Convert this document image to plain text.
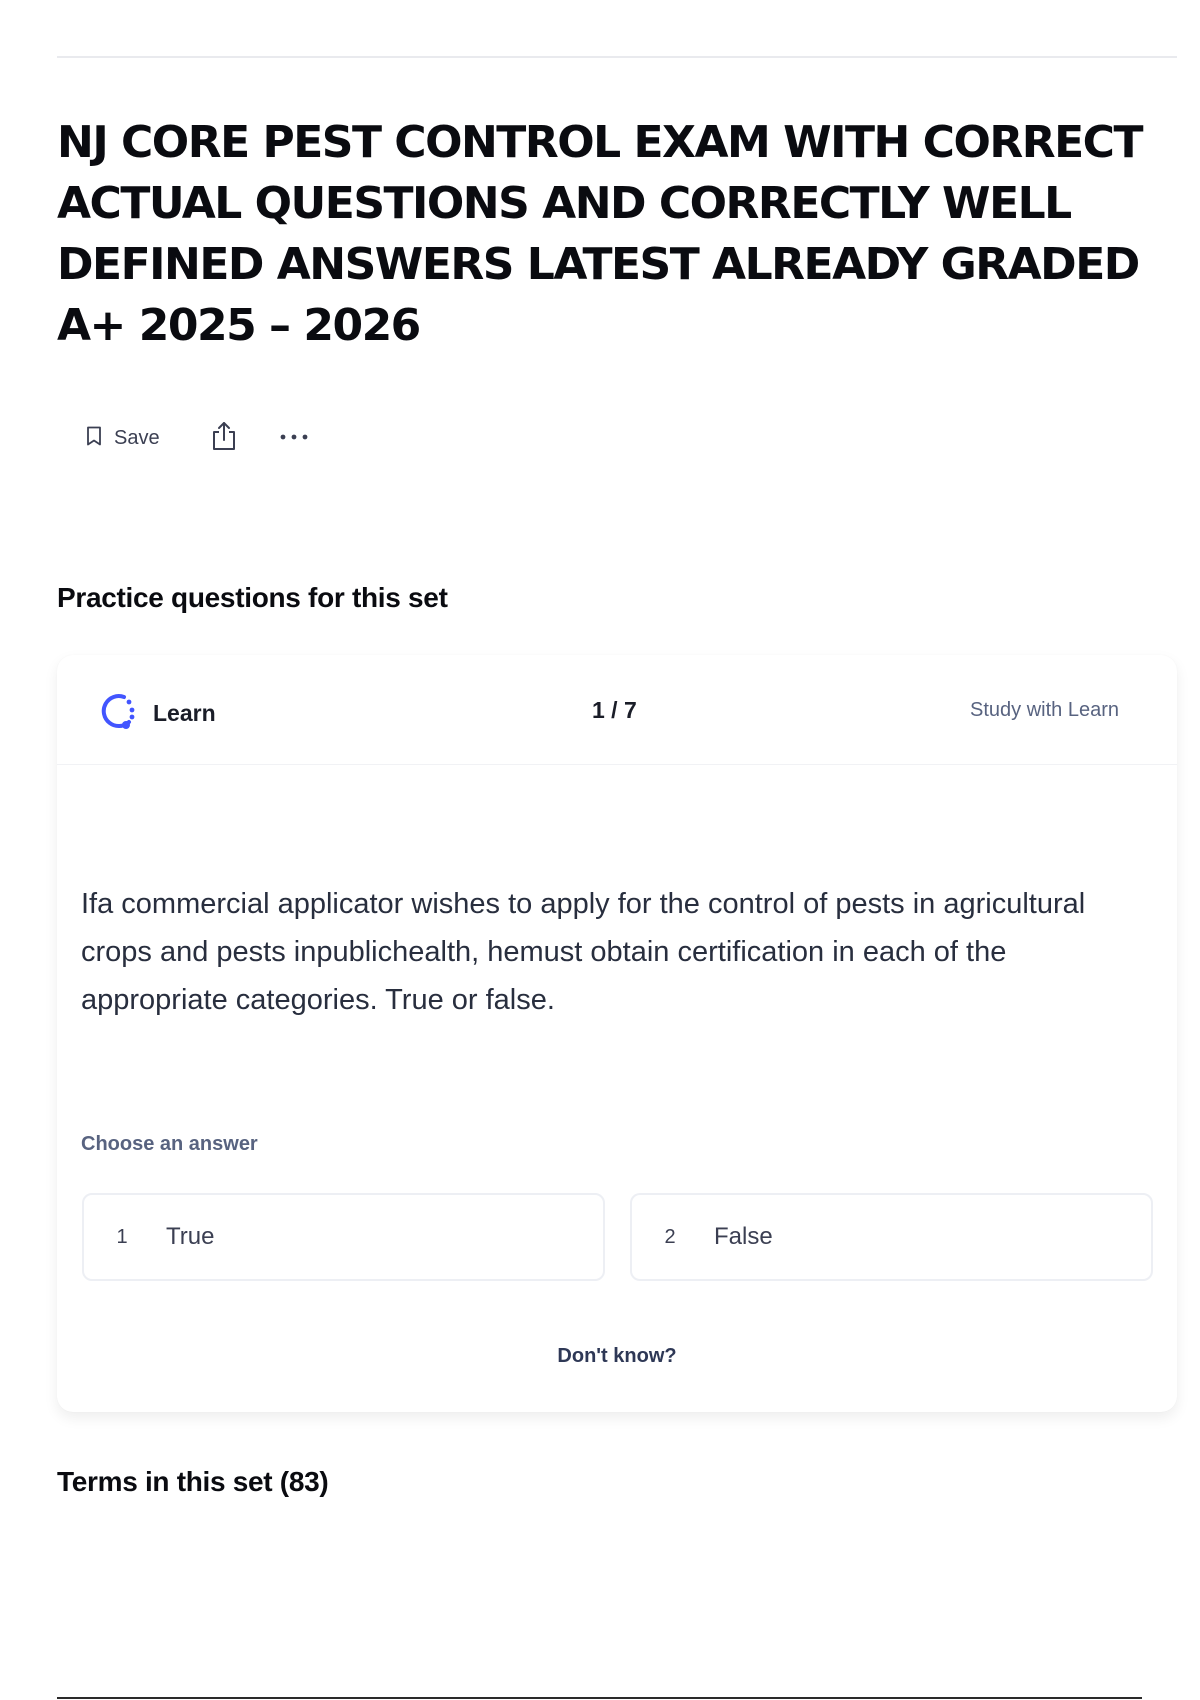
NJ CORE PEST CONTROL EXAM WITH CORRECT ACTUAL QUESTIONS AND CORRECTLY WELL DEFINED ANSWERS LATEST ALREADY GRADED A+ 2025 – 2026
Save
Practice questions for this set
Learn	1 / 7	Study with Learn

Ifa commercial applicator wishes to apply for the control of pests in agricultural crops and pests inpublichealth, hemust obtain certification in each of the appropriate categories. True or false.

Choose an answer
1	True	2	False
Don't know?
Terms in this set (83)
